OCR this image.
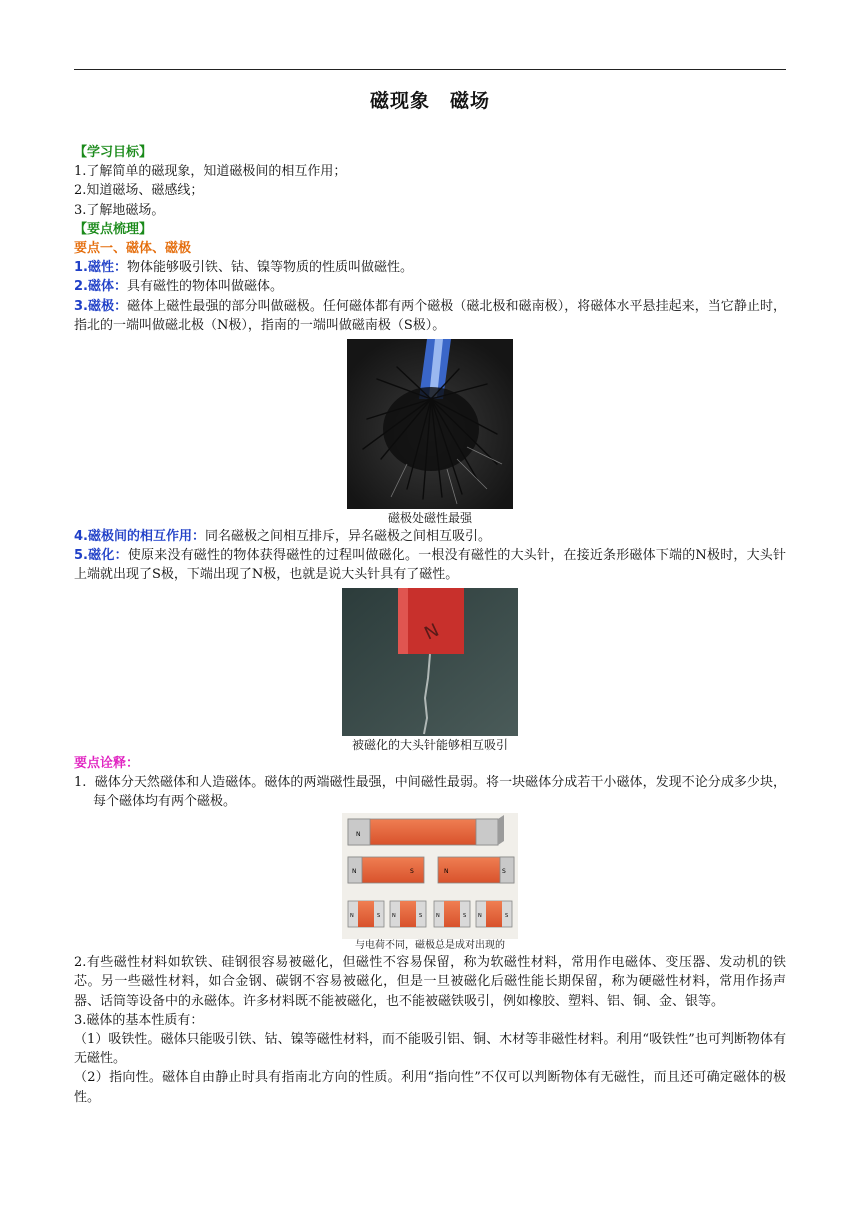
磁现象　磁场

【学习目标】

1.了解简单的磁现象，知道磁极间的相互作用；

2.知道磁场、磁感线；

3.了解地磁场。

【要点梳理】

要点一、磁体、磁极

1.磁性：物体能够吸引铁、钴、镍等物质的性质叫做磁性。

2.磁体：具有磁性的物体叫做磁体。

3.磁极：磁体上磁性最强的部分叫做磁极。任何磁体都有两个磁极（磁北极和磁南极），将磁体水平悬挂起来，当它静止时，指北的一端叫做磁北极（N极），指南的一端叫做磁南极（S极）。

磁极处磁性最强

4.磁极间的相互作用：同名磁极之间相互排斥，异名磁极之间相互吸引。

5.磁化：使原来没有磁性的物体获得磁性的过程叫做磁化。一根没有磁性的大头针，在接近条形磁体下端的N极时，大头针上端就出现了S极，下端出现了N极，也就是说大头针具有了磁性。

N
被磁化的大头针能够相互吸引

要点诠释：

1. 磁体分天然磁体和人造磁体。磁体的两端磁性最强，中间磁性最弱。将一块磁体分成若干小磁体，发现不论分成多少块，每个磁体均有两个磁极。

N
N	S	N	S
N	S N	S	N	S N	S
与电荷不同，磁极总是成对出现的

2.有些磁性材料如软铁、硅钢很容易被磁化，但磁性不容易保留，称为软磁性材料，常用作电磁体、变压器、发动机的铁芯。另一些磁性材料，如合金钢、碳钢不容易被磁化，但是一旦被磁化后磁性能长期保留，称为硬磁性材料，常用作扬声器、话筒等设备中的永磁体。许多材料既不能被磁化，也不能被磁铁吸引，例如橡胶、塑料、铝、铜、金、银等。

3.磁体的基本性质有：

（1）吸铁性。磁体只能吸引铁、钴、镍等磁性材料，而不能吸引铝、铜、木材等非磁性材料。利用“吸铁性”也可判断物体有无磁性。

（2）指向性。磁体自由静止时具有指南北方向的性质。利用“指向性”不仅可以判断物体有无磁性，而且还可确定磁体的极性。
